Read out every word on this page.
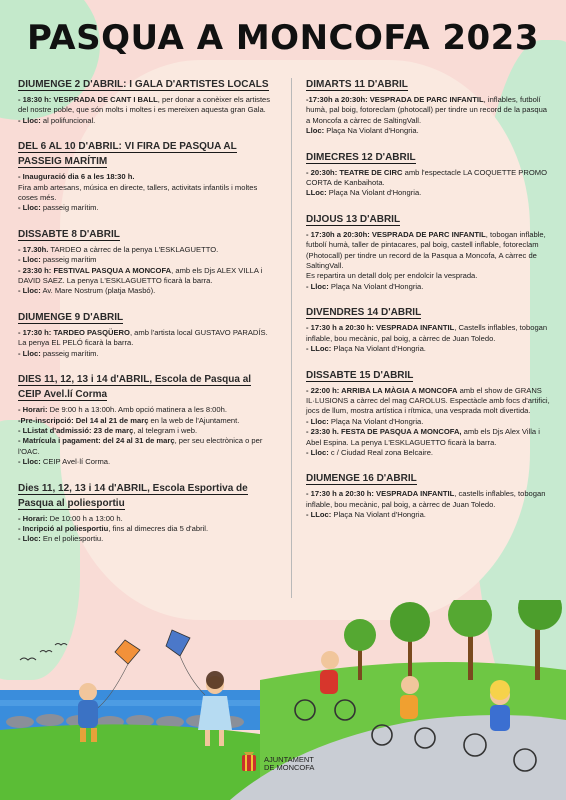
PASQUA A MONCOFA 2023
DIUMENGE 2 D'ABRIL: I GALA D'ARTISTES LOCALS
- 18:30 h: VESPRADA DE CANT I BALL, per donar a conèixer els artistes del nostre poble, que són molts i moltes i es mereixen aquesta gran Gala.
- Lloc: al polifuncional.
DEL 6 AL 10 D'ABRIL: VI FIRA DE PASQUA AL PASSEIG MARÍTIM
- Inauguració dia 6 a les 18:30 h.
Fira amb artesans, música en directe, tallers, activitats infantils i moltes coses més.
- Lloc: passeig marítim.
DISSABTE 8 D'ABRIL
- 17.30h. TARDEO a càrrec de la penya L'ESKLAGUETTO.
- Lloc: passeig marítim
- 23:30 h: FESTIVAL PASQUA A MONCOFA, amb els Djs ALEX VILLA i DAVID SAEZ. La penya L'ESKLAGUETTO ficarà la barra.
- Lloc: Av. Mare Nostrum (platja Masbó).
DIUMENGE 9 D'ABRIL
- 17:30 h: TARDEO PASQÜERO, amb l'artista local GUSTAVO PARADÍS. La penya EL PELÓ ficarà la barra.
- Lloc: passeig marítim.
DIES 11, 12, 13 i 14 d'ABRIL, Escola de Pasqua al CEIP Avel.lí Corma
- Horari: De 9:00 h a 13:00h. Amb opció matinera a les 8:00h.
-Pre-inscripció: Del 14 al 21 de març en la web de l'Ajuntament.
- LListat d'admissió: 23 de març, al telegram i web.
- Matrícula i pagament: del 24 al 31 de març, per seu electrònica o per l'OAC.
- Lloc: CEIP Avel·lí Corma.
Dies 11, 12, 13 i 14 d'ABRIL, Escola Esportiva de Pasqua al poliesportiu
- Horari: De 10:00 h a 13:00 h.
- Incripció al poliesportiu, fins al dimecres dia 5 d'abril.
- Lloc: En el poliesportiu.
DIMARTS 11 D'ABRIL
-17:30h a 20:30h: VESPRADA DE PARC INFANTIL, inflables, futbolí humà, pal boig, fotoreclam (photocall) per tindre un record de la pasqua a Moncofa a càrrec de SaltingVall.
Lloc: Plaça Na Violant d'Hongria.
DIMECRES 12 D'ABRIL
- 20:30h: TEATRE DE CIRC amb l'espectacle LA COQUETTE PROMO CORTA de Kanbaihota.
LLoc: Plaça Na Violant d'Hongria.
DIJOUS 13 D'ABRIL
- 17:30h a 20:30h: VESPRADA DE PARC INFANTIL, tobogan inflable, futbolí humà, taller de pintacares, pal boig, castell inflable, fotoreclam (Photocall) per tindre un record de la Pasqua a Moncofa, A càrrec de SaltingVall.
Es repartira un detall dolç per endolcir la vesprada.
- Lloc: Plaça Na Violant d'Hongria.
DIVENDRES 14 D'ABRIL
- 17:30 h a 20:30 h: VESPRADA INFANTIL, Castells inflables, tobogan inflable, bou mecànic, pal boig, a càrrec de Juan Toledo.
- LLoc: Plaça Na Violant d'Hongria.
DISSABTE 15 D'ABRIL
- 22:00 h: ARRIBA LA MÀGIA A MONCOFA amb el show de GRANS IL·LUSIONS a càrrec del mag CAROLUS. Espectàcle amb focs d'artifici, jocs de llum, mostra artística i rítmica, una vesprada molt divertida.
- Lloc: Plaça Na Violant d'Hongria.
- 23:30 h. FESTA DE PASQUA A MONCOFA, amb els Djs Alex Villa i Abel Espina. La penya L'ESKLAGUETTO ficarà la barra.
- Lloc: c / Ciudad Real zona Belcaire.
DIUMENGE 16 D'ABRIL
- 17:30 h a 20:30 h: VESPRADA INFANTIL, castells inflables, tobogan inflable, bou mecànic, pal boig, a càrrec de Juan Toledo.
- LLoc: Plaça Na Violant d'Hongria.
AJUNTAMENT
DE MONCOFA
